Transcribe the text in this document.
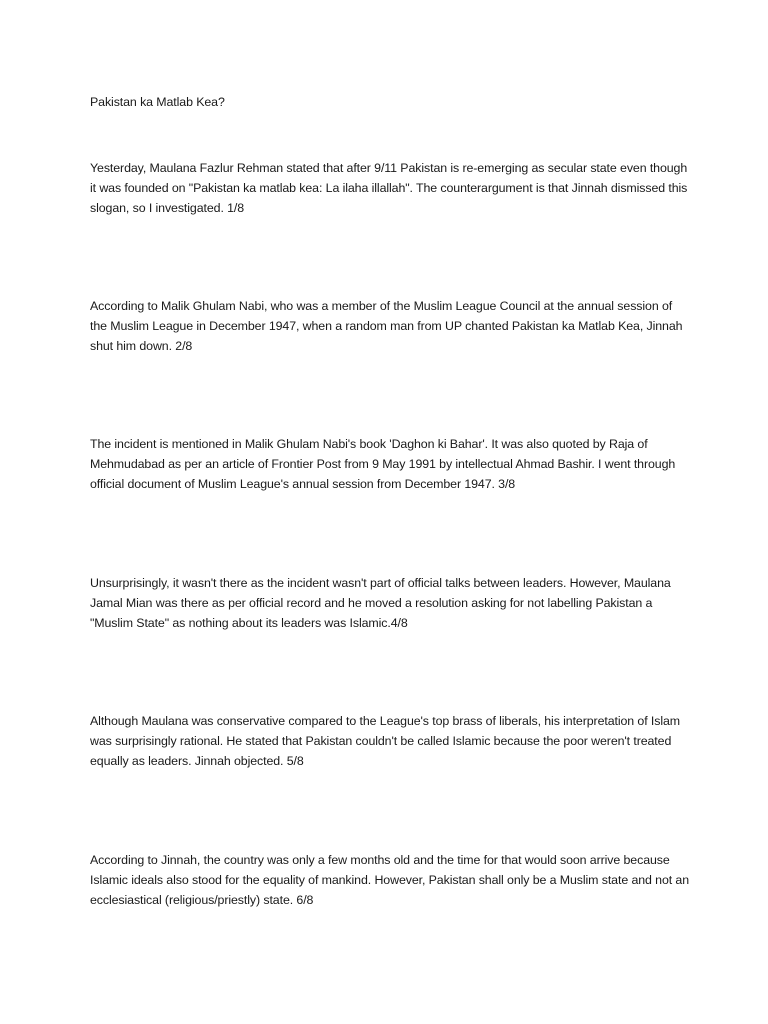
Pakistan ka Matlab Kea?

Yesterday, Maulana Fazlur Rehman stated that after 9/11 Pakistan is re-emerging as secular state even though it was founded on "Pakistan ka matlab kea: La ilaha illallah". The counterargument is that Jinnah dismissed this slogan, so I investigated. 1/8

According to Malik Ghulam Nabi, who was a member of the Muslim League Council at the annual session of the Muslim League in December 1947, when a random man from UP chanted Pakistan ka Matlab Kea, Jinnah shut him down. 2/8

The incident is mentioned in Malik Ghulam Nabi's book 'Daghon ki Bahar'. It was also quoted by Raja of Mehmudabad as per an article of Frontier Post from 9 May 1991 by intellectual Ahmad Bashir. I went through official document of Muslim League's annual session from December 1947. 3/8

Unsurprisingly, it wasn't there as the incident wasn't part of official talks between leaders. However, Maulana Jamal Mian was there as per official record and he moved a resolution asking for not labelling Pakistan a "Muslim State" as nothing about its leaders was Islamic.4/8

Although Maulana was conservative compared to the League's top brass of liberals, his interpretation of Islam was surprisingly rational. He stated that Pakistan couldn't be called Islamic because the poor weren't treated equally as leaders. Jinnah objected. 5/8

According to Jinnah, the country was only a few months old and the time for that would soon arrive because Islamic ideals also stood for the equality of mankind. However, Pakistan shall only be a Muslim state and not an ecclesiastical (religious/priestly) state. 6/8
